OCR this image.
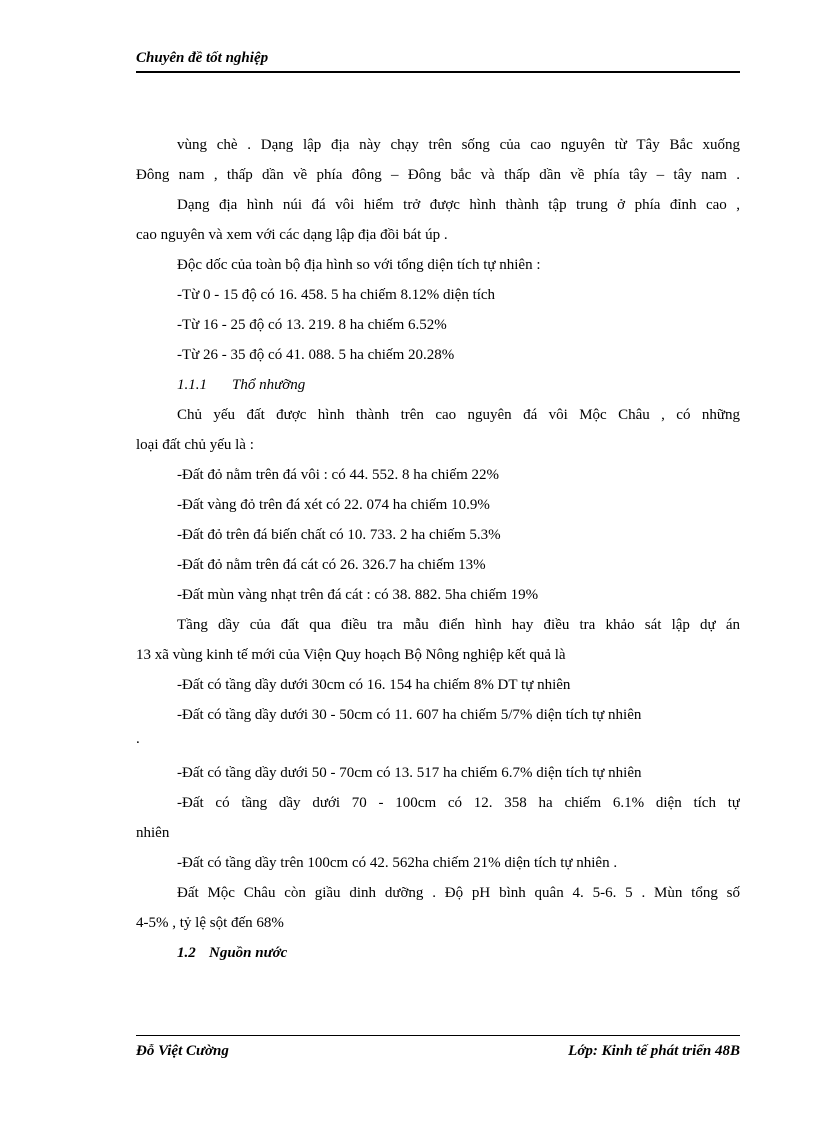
Chuyên đề tốt nghiệp
vùng chè . Dạng lập địa này chạy trên sống của cao nguyên từ Tây Bắc xuống
Đông nam , thấp dần về phía đông – Đông bắc và thấp dần về phía tây – tây nam .
Dạng địa hình núi đá vôi hiểm trở được hình thành tập trung ở phía đỉnh cao ,
cao nguyên và xem với các dạng lập địa đồi bát úp .
Độc dốc của toàn bộ địa hình so với tổng diện tích tự nhiên :
-Từ 0 - 15 độ có 16. 458. 5 ha chiếm 8.12% diện tích
-Từ 16 - 25 độ có 13. 219. 8 ha chiếm 6.52%
-Từ 26 - 35 độ có 41. 088. 5 ha chiếm 20.28%
1.1.1 Thổ nhưỡng
Chủ yếu đất được hình thành trên cao nguyên đá vôi Mộc Châu , có những
loại đất chủ yếu là :
-Đất đỏ nằm trên đá vôi : có 44. 552. 8 ha chiếm 22%
-Đất vàng đỏ trên đá xét có 22. 074 ha chiếm 10.9%
-Đất đỏ trên đá biến chất có 10. 733. 2 ha chiếm 5.3%
-Đất đỏ nằm trên đá cát có 26. 326.7 ha chiếm 13%
-Đất mùn vàng nhạt trên đá cát : có 38. 882. 5ha chiếm 19%
Tầng dầy của đất qua điều tra mẫu điển hình hay điều tra khảo sát lập dự án
13 xã vùng kinh tế mới của Viện Quy hoạch Bộ Nông nghiệp kết quả là
-Đất có tầng dầy dưới 30cm có 16. 154 ha chiếm 8% DT tự nhiên
-Đất có tầng dầy dưới 30 - 50cm có 11. 607 ha chiếm 5/7% diện tích tự nhiên
.
-Đất có tầng dầy dưới 50 - 70cm có 13. 517 ha chiếm 6.7% diện tích tự nhiên
-Đất có tầng dầy dưới 70 - 100cm có 12. 358 ha chiếm 6.1% diện tích tự
nhiên
-Đất có tầng dầy trên 100cm có 42. 562ha chiếm 21% diện tích tự nhiên .
Đất Mộc Châu còn giầu dinh dưỡng . Độ pH bình quân 4. 5-6. 5 . Mùn tổng số
4-5% , tỷ lệ sột đến 68%
1.2 Nguồn nước
Đỗ Việt Cường	Lớp: Kinh tế phát triển 48B
